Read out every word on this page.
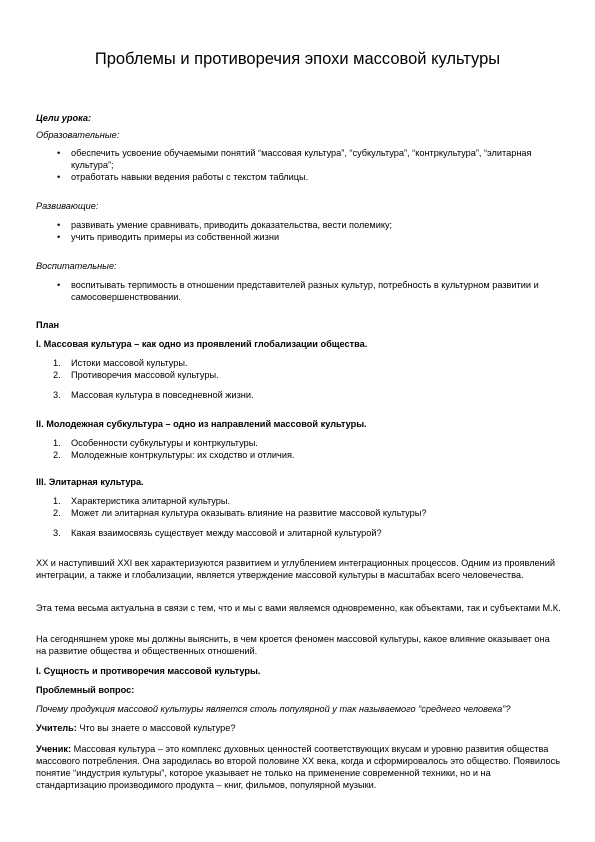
Проблемы и противоречия эпохи массовой культуры

Цели урока:

Образовательные:

• обеспечить усвоение обучаемыми понятий “массовая культура”, “субкультура”, “контркультура”, “элитарная культура”;
• отработать навыки ведения работы с текстом таблицы.

Развивающие:

• развивать умение сравнивать, приводить доказательства, вести полемику;
• учить приводить примеры из собственной жизни

Воспитательные:

• воспитывать терпимость в отношении представителей разных культур, потребность в культурном развитии и самосовершенствовании.

План

I. Массовая культура – как одно из проявлений глобализации общества.

1. Истоки массовой культуры.
2. Противоречия массовой культуры.
3. Массовая культура в повседневной жизни.

II. Молодежная субкультура – одно из направлений массовой культуры.

1. Особенности субкультуры и контркультуры.
2. Молодежные контркультуры: их сходство и отличия.

III. Элитарная культура.

1. Характеристика элитарной культуры.
2. Может ли элитарная культура оказывать влияние на развитие массовой культуры?
3. Какая взаимосвязь существует между массовой и элитарной культурой?

XX и наступивший XXI век характеризуются развитием и углублением интеграционных процессов. Одним из проявлений интеграции, а также и глобализации, является утверждение массовой культуры в масштабах всего человечества.

Эта тема весьма актуальна в связи с тем, что и мы с вами являемся одновременно, как объектами, так и субъектами М.К.

На сегодняшнем уроке мы должны выяснить, в чем кроется феномен массовой культуры, какое влияние оказывает она на развитие общества и общественных отношений.

I. Сущность и противоречия массовой культуры.

Проблемный вопрос:

Почему продукция массовой культуры является столь популярной у так называемого “среднего человека”?

Учитель: Что вы знаете о массовой культуре?

Ученик: Массовая культура – это комплекс духовных ценностей соответствующих вкусам и уровню развития общества массового потребления. Она зародилась во второй половине XX века, когда и сформировалось это общество. Появилось понятие “индустрия культуры”, которое указывает не только на применение современной техники, но и на стандартизацию производимого продукта – книг, фильмов, популярной музыки.
